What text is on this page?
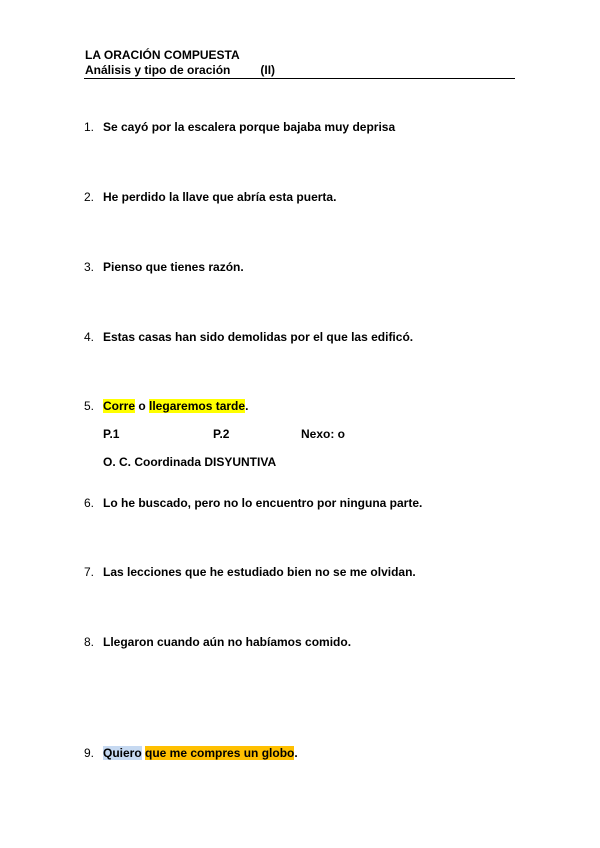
LA ORACIÓN COMPUESTA
Análisis y tipo de oración	(II)
1. Se cayó por la escalera porque bajaba muy deprisa
2. He perdido la llave que abría esta puerta.
3. Pienso que tienes razón.
4. Estas casas han sido demolidas por el que las edificó.
5. Corre o llegaremos tarde.
P.1	P.2	Nexo: o
O. C. Coordinada DISYUNTIVA
6. Lo he buscado, pero no lo encuentro por ninguna parte.
7. Las lecciones que he estudiado bien no se me olvidan.
8. Llegaron cuando aún no habíamos comido.
9. Quiero que me compres un globo.
